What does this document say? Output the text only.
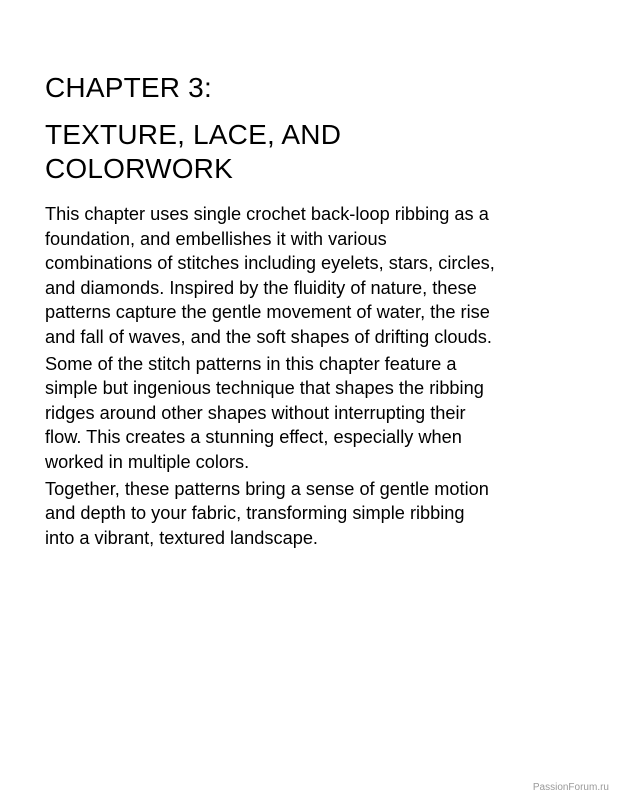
CHAPTER 3:
TEXTURE, LACE, AND
COLORWORK

This chapter uses single crochet back-loop ribbing as a
foundation, and embellishes it with various
combinations of stitches including eyelets, stars, circles,
and diamonds. Inspired by the fluidity of nature, these
patterns capture the gentle movement of water, the rise
and fall of waves, and the soft shapes of drifting clouds.

Some of the stitch patterns in this chapter feature a
simple but ingenious technique that shapes the ribbing
ridges around other shapes without interrupting their
flow. This creates a stunning effect, especially when
worked in multiple colors.

Together, these patterns bring a sense of gentle motion
and depth to your fabric, transforming simple ribbing
into a vibrant, textured landscape.

PassionForum.ru
